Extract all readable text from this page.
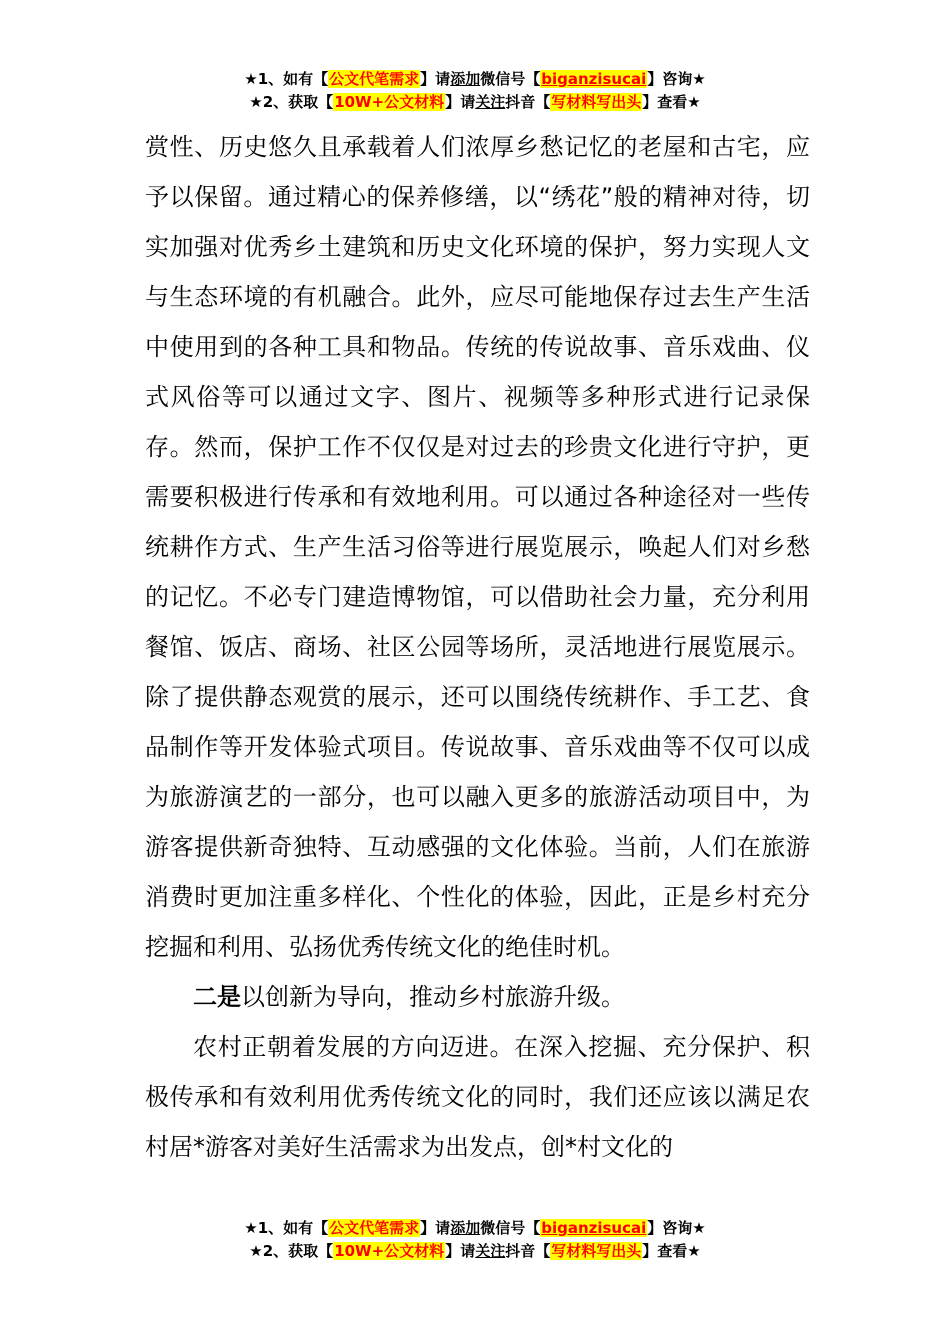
★1、如有【公文代笔需求】请添加微信号【biganzisucai】咨询★
★2、获取【10W+公文材料】请关注抖音【写材料写出头】查看★

赏性、历史悠久且承载着人们浓厚乡愁记忆的老屋和古宅，应予以保留。通过精心的保养修缮，以“绣花”般的精神对待，切实加强对优秀乡土建筑和历史文化环境的保护，努力实现人文与生态环境的有机融合。此外，应尽可能地保存过去生产生活中使用到的各种工具和物品。传统的传说故事、音乐戏曲、仪式风俗等可以通过文字、图片、视频等多种形式进行记录保存。然而，保护工作不仅仅是对过去的珍贵文化进行守护，更需要积极进行传承和有效地利用。可以通过各种途径对一些传统耕作方式、生产生活习俗等进行展览展示，唤起人们对乡愁的记忆。不必专门建造博物馆，可以借助社会力量，充分利用餐馆、饭店、商场、社区公园等场所，灵活地进行展览展示。除了提供静态观赏的展示，还可以围绕传统耕作、手工艺、食品制作等开发体验式项目。传说故事、音乐戏曲等不仅可以成为旅游演艺的一部分，也可以融入更多的旅游活动项目中，为游客提供新奇独特、互动感强的文化体验。当前，人们在旅游消费时更加注重多样化、个性化的体验，因此，正是乡村充分挖掘和利用、弘扬优秀传统文化的绝佳时机。

二是以创新为导向，推动乡村旅游升级。

农村正朝着发展的方向迈进。在深入挖掘、充分保护、积极传承和有效利用优秀传统文化的同时，我们还应该以满足农村居*游客对美好生活需求为出发点，创*村文化的

★1、如有【公文代笔需求】请添加微信号【biganzisucai】咨询★
★2、获取【10W+公文材料】请关注抖音【写材料写出头】查看★
